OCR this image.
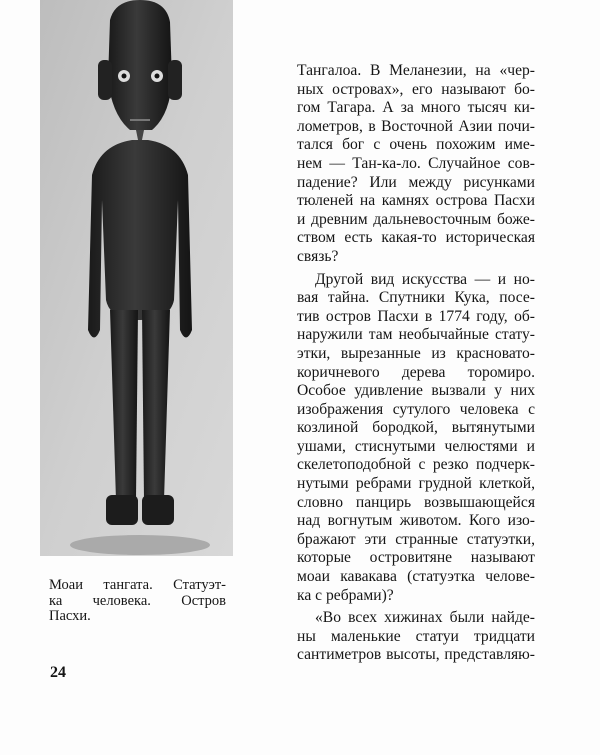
Моаи тангата. Статуэт-
ка человека. Остров
Пасхи.
24
Тангалоа. В Меланезии, на «чер-
ных островах», его называют бо-
гом Тагара. А за много тысяч ки-
лометров, в Восточной Азии почи-
тался бог с очень похожим име-
нем — Тан-ка-ло. Случайное сов-
падение? Или между рисунками
тюленей на камнях острова Пасхи
и древним дальневосточным боже-
ством есть какая-то историческая
связь?
Другой вид искусства — и но-
вая тайна. Спутники Кука, посе-
тив остров Пасхи в 1774 году, об-
наружили там необычайные стату-
этки, вырезанные из красновато-
коричневого дерева торомиро.
Особое удивление вызвали у них
изображения сутулого человека с
козлиной бородкой, вытянутыми
ушами, стиснутыми челюстями и
скелетоподобной с резко подчерк-
нутыми ребрами грудной клеткой,
словно панцирь возвышающейся
над вогнутым животом. Кого изо-
бражают эти странные статуэтки,
которые островитяне называют
моаи кавакава (статуэтка челове-
ка с ребрами)?
«Во всех хижинах были найде-
ны маленькие статуи тридцати
сантиметров высоты, представляю-
